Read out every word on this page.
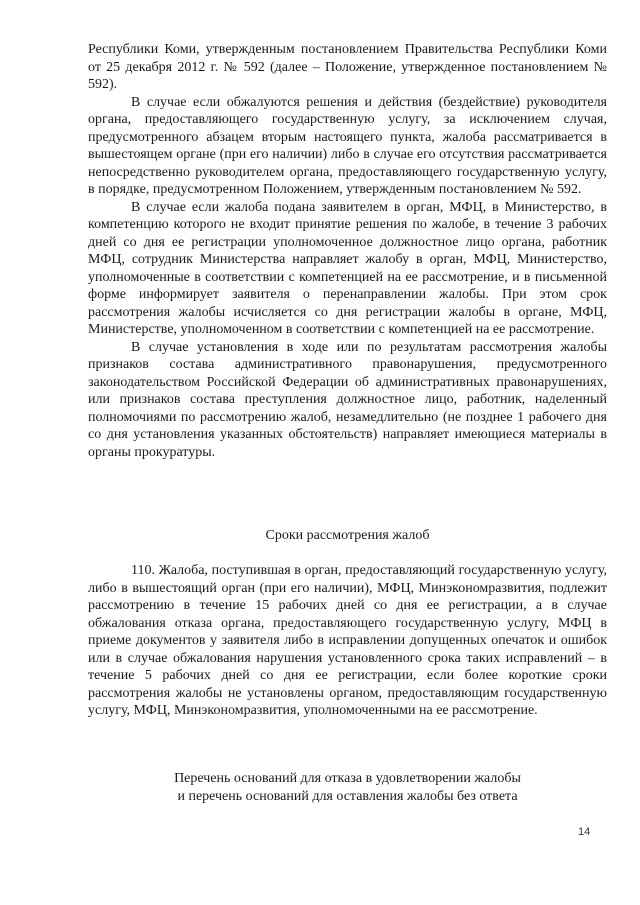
Республики Коми, утвержденным постановлением Правительства Республики Коми от 25 декабря 2012 г. № 592 (далее – Положение, утвержденное постановлением № 592).

В случае если обжалуются решения и действия (бездействие) руководителя органа, предоставляющего государственную услугу, за исключением случая, предусмотренного абзацем вторым настоящего пункта, жалоба рассматривается в вышестоящем органе (при его наличии) либо в случае его отсутствия рассматривается непосредственно руководителем органа, предоставляющего государственную услугу, в порядке, предусмотренном Положением, утвержденным постановлением № 592.

В случае если жалоба подана заявителем в орган, МФЦ, в Министерство, в компетенцию которого не входит принятие решения по жалобе, в течение 3 рабочих дней со дня ее регистрации уполномоченное должностное лицо органа, работник МФЦ, сотрудник Министерства направляет жалобу в орган, МФЦ, Министерство, уполномоченные в соответствии с компетенцией на ее рассмотрение, и в письменной форме информирует заявителя о перенаправлении жалобы. При этом срок рассмотрения жалобы исчисляется со дня регистрации жалобы в органе, МФЦ, Министерстве, уполномоченном в соответствии с компетенцией на ее рассмотрение.

В случае установления в ходе или по результатам рассмотрения жалобы признаков состава административного правонарушения, предусмотренного законодательством Российской Федерации об административных правонарушениях, или признаков состава преступления должностное лицо, работник, наделенный полномочиями по рассмотрению жалоб, незамедлительно (не позднее 1 рабочего дня со дня установления указанных обстоятельств) направляет имеющиеся материалы в органы прокуратуры.

Сроки рассмотрения жалоб

110. Жалоба, поступившая в орган, предоставляющий государственную услугу, либо в вышестоящий орган (при его наличии), МФЦ, Минэкономразвития, подлежит рассмотрению в течение 15 рабочих дней со дня ее регистрации, а в случае обжалования отказа органа, предоставляющего государственную услугу, МФЦ в приеме документов у заявителя либо в исправлении допущенных опечаток и ошибок или в случае обжалования нарушения установленного срока таких исправлений – в течение 5 рабочих дней со дня ее регистрации, если более короткие сроки рассмотрения жалобы не установлены органом, предоставляющим государственную услугу, МФЦ, Минэкономразвития, уполномоченными на ее рассмотрение.

Перечень оснований для отказа в удовлетворении жалобы
и перечень оснований для оставления жалобы без ответа
14
